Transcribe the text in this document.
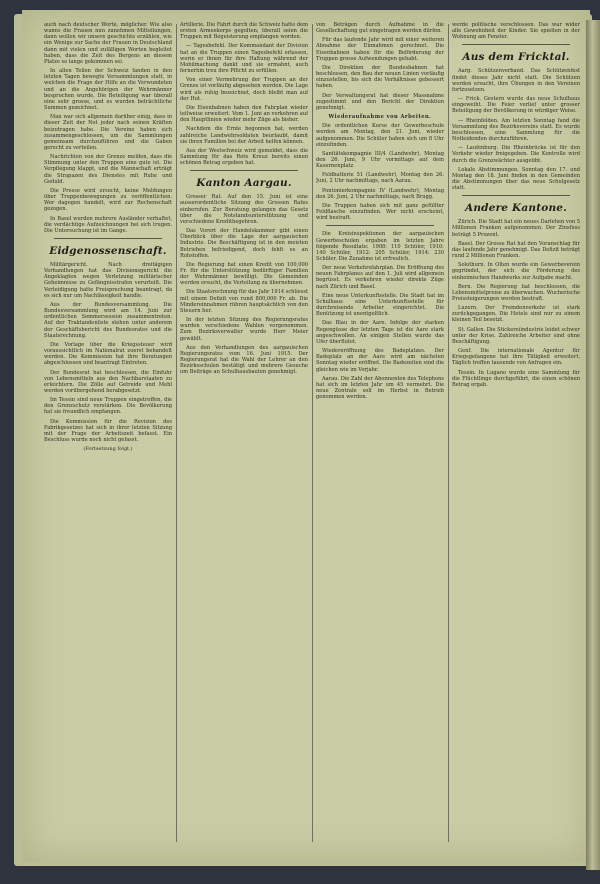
auch nach deutscher Worte, möglicher. Wie also wanns die Frauen nun zunehmen Mitteilungen, dann wollen wir unsere geschichte erzählen, wie ein Wenige zur Sache der Frauen in Deutschland dann mit vielen und zufälligen Worten begleitet haben, dass die Zeit des Bergens an diesem Platze so lange gekommen sei.

In allen Teilen der Schweiz fanden in den letzten Tagen bewegte Versammlungen statt, in welchen die Frage der Hilfe an die Verwundeten und an die Angehörigen der Wehrmänner besprochen wurde. Die Beteiligung war überall eine sehr grosse, und es wurden beträchtliche Summen gezeichnet.

Man war sich allgemein darüber einig, dass in dieser Zeit der Not jeder nach seinen Kräften beizutragen habe. Die Vereine haben sich zusammengeschlossen, um die Sammlungen gemeinsam durchzuführen und die Gaben gerecht zu verteilen.

Nachrichten von der Grenze melden, dass die Stimmung unter den Truppen eine gute ist. Die Verpflegung klappt, und die Mannschaft erträgt die Strapazen des Dienstes mit Ruhe und Geduld.

Die Presse wird ersucht, keine Meldungen über Truppenbewegungen zu veröffentlichen. Wer dagegen handelt, wird zur Rechenschaft gezogen.

In Basel wurden mehrere Ausländer verhaftet, die verdächtige Aufzeichnungen bei sich trugen. Die Untersuchung ist im Gange.

Eidgenossenschaft.

Militärgericht. Nach dreitägigen Verhandlungen hat das Divisionsgericht die Angeklagten wegen Verletzung militärischer Geheimnisse zu Gefängnisstrafen verurteilt. Die Verteidigung hatte Freisprechung beantragt, da es sich nur um Nachlässigkeit handle.

Aus der Bundesversammlung. Die Bundesversammlung wird am 14. Juni zur ordentlichen Sommersession zusammentreten. Auf der Traktandenliste stehen unter anderem der Geschäftsbericht des Bundesrates und die Staatsrechnung.

Die Vorlage über die Kriegssteuer wird voraussichtlich im Nationalrat zuerst behandelt werden. Die Kommission hat ihre Beratungen abgeschlossen und beantragt Eintreten.

Der Bundesrat hat beschlossen, die Einfuhr von Lebensmitteln aus den Nachbarstaaten zu erleichtern. Die Zölle auf Getreide und Mehl werden vorübergehend herabgesetzt.

Im Tessin sind neue Truppen eingetroffen, die den Grenzschutz verstärken. Die Bevölkerung hat sie freundlich empfangen.

Die Kommission für die Revision des Fabrikgesetzes hat sich in ihrer letzten Sitzung mit der Frage der Arbeitszeit befasst. Ein Beschluss wurde noch nicht gefasst.

(Fortsetzung folgt.)

Artillerie. Die Fahrt durch die Schweiz hatte dem ersten Armeekorps gegolten; überall seien die Truppen mit Begeisterung empfangen worden.

— Tagesbefehl. Der Kommandant der Division hat an die Truppen einen Tagesbefehl erlassen, worin er ihnen für ihre Haltung während der Mobilmachung dankt und sie ermahnt, auch fernerhin treu ihre Pflicht zu erfüllen.

Von einer Vermehrung der Truppen an der Grenze ist vorläufig abgesehen worden. Die Lage wird als ruhig bezeichnet, doch bleibt man auf der Hut.

Die Eisenbahnen haben den Fahrplan wieder teilweise erweitert. Vom 1. Juni an verkehren auf den Hauptlinien wieder mehr Züge als bisher.

Nachdem die Ernte begonnen hat, werden zahlreiche Landwehrsoldaten beurlaubt, damit sie ihren Familien bei der Arbeit helfen können.

Aus der Westschweiz wird gemeldet, dass die Sammlung für das Rote Kreuz bereits einen schönen Betrag ergeben hat.

Kanton Aargau.

Grosser Rat. Auf den 15. Juni ist eine ausserordentliche Sitzung des Grossen Rates einberufen. Zur Beratung gelangen das Gesetz über die Notstandsunterstützung und verschiedene Kreditbegehren.

Das Vorort der Handelskammer gibt einen Überblick über die Lage der aargauischen Industrie. Die Beschäftigung ist in den meisten Betrieben befriedigend, doch fehlt es an Rohstoffen.

Die Regierung hat einen Kredit von 100,000 Fr. für die Unterstützung bedürftiger Familien der Wehrmänner bewilligt. Die Gemeinden werden ersucht, die Verteilung zu übernehmen.

Die Staatsrechnung für das Jahr 1914 schliesst mit einem Defizit von rund 800,000 Fr. ab. Die Mindereinnahmen rühren hauptsächlich von den Steuern her.

In der letzten Sitzung des Regierungsrates wurden verschiedene Wahlen vorgenommen. Zum Bezirksverwalter wurde Herr Meier gewählt.

Aus den Verhandlungen des aargauischen Regierungsrates vom 16. Juni 1915. Der Regierungsrat hat die Wahl der Lehrer an den Bezirksschulen bestätigt und mehrere Gesuche um Beiträge an Schulhausbauten genehmigt.

von Beträgen durch Aufnahme in die Gesellschaftung gut eingetragen werden dürfen.

Für das laufende Jahr wird mit einer weiteren Abnahme der Einnahmen gerechnet. Die Eisenbahnen haben für die Beförderung der Truppen grosse Aufwendungen gehabt.

Die Direktion der Bundesbahnen hat beschlossen, den Bau der neuen Linien vorläufig einzustellen, bis sich die Verhältnisse gebessert haben.

Der Verwaltungsrat hat dieser Massnahme zugestimmt und den Bericht der Direktion genehmigt.

Wiederaufnahme von Arbeiten.

Die ordentlichen Kurse der Gewerbeschule werden am Montag, den 21. Juni, wieder aufgenommen. Die Schüler haben sich um 8 Uhr einzufinden.

Sanitätskompagnie III/4 (Landwehr), Montag den 26. Juni, 9 Uhr vormittags auf dem Kasernenplatz.

Feldbatterie 51 (Landwehr), Montag den 26. Juni, 2 Uhr nachmittags, nach Aarau.

Pontonierkompagnie IV (Landwehr), Montag den 26. Juni, 2 Uhr nachmittags, nach Brugg.

Die Truppen haben sich mit ganz gefüllter Feldflasche einzufinden. Wer nicht erscheint, wird bestraft.

Die Kreisinspektionen der aargauischen Gewerbeschulen ergaben im letzten Jahre folgende Resultate: 1908: 110 Schüler, 1910: 140 Schüler, 1912: 205 Schüler, 1914: 230 Schüler. Die Zunahme ist erfreulich.

Der neue Verkehrsfahrplan. Die Eröffnung des neuen Fahrplanes auf den 1. Juli wird allgemein begrüsst. Es verkehren wieder direkte Züge nach Zürich und Basel.

Eine neue Unterkunftsstelle. Die Stadt hat im Schulhaus eine Unterkunftsstelle für durchreisende Arbeiter eingerichtet. Die Benützung ist unentgeltlich.

Das Blau in der Aare. Infolge der starken Regengüsse der letzten Tage ist die Aare stark angeschwollen. An einigen Stellen wurde das Ufer überflutet.

Wiedereröffnung des Badeplatzes. Der Badeplatz an der Aare wird am nächsten Sonntag wieder eröffnet. Die Badezeiten sind die gleichen wie im Vorjahr.

Aarau. Die Zahl der Abonnenten des Telephons hat sich im letzten Jahr um 45 vermehrt. Die neue Zentrale soll im Herbst in Betrieb genommen werden.

werde politische verschlossen. Das war wider alle Gewohnheit der Kinder. Sie spielten in der Wohnung am Fenster.

Aus dem Fricktal.

Aarg. Schützenverband. Das Schützenfest findet dieses Jahr nicht statt. Die Schützen werden ersucht, ihre Übungen in den Vereinen fortzusetzen.

— Frick. Gestern wurde das neue Schulhaus eingeweiht. Die Feier verlief unter grosser Beteiligung der Bevölkerung in würdiger Weise.

— Rheinfelden. Am letzten Sonntag fand die Versammlung des Bezirksvereins statt. Es wurde beschlossen, eine Sammlung für die Notleidenden durchzuführen.

— Laufenburg. Die Rheinbrücke ist für den Verkehr wieder freigegeben. Die Kontrolle wird durch die Grenzwächter ausgeübt.

Lokale Abstimmungen. Sonntag den 17. und Montag den 18. Juni finden in den Gemeinden die Abstimmungen über das neue Schulgesetz statt.

Andere Kantone.

Zürich. Die Stadt hat ein neues Darlehen von 5 Millionen Franken aufgenommen. Der Zinsfuss beträgt 5 Prozent.

Basel. Der Grosse Rat hat den Voranschlag für das laufende Jahr genehmigt. Das Defizit beträgt rund 2 Millionen Franken.

Solothurn. In Olten wurde ein Gewerbeverein gegründet, der sich die Förderung des einheimischen Handwerks zur Aufgabe macht.

Bern. Die Regierung hat beschlossen, die Lebensmittelpreise zu überwachen. Wucherische Preissteigerungen werden bestraft.

Luzern. Der Fremdenverkehr ist stark zurückgegangen. Die Hotels sind nur zu einem kleinen Teil besetzt.

St. Gallen. Die Stickereiindustrie leidet schwer unter der Krise. Zahlreiche Arbeiter sind ohne Beschäftigung.

Genf. Die internationale Agentur für Kriegsgefangene hat ihre Tätigkeit erweitert. Täglich treffen tausende von Anfragen ein.

Tessin. In Lugano wurde eine Sammlung für die Flüchtlinge durchgeführt, die einen schönen Betrag ergab.
